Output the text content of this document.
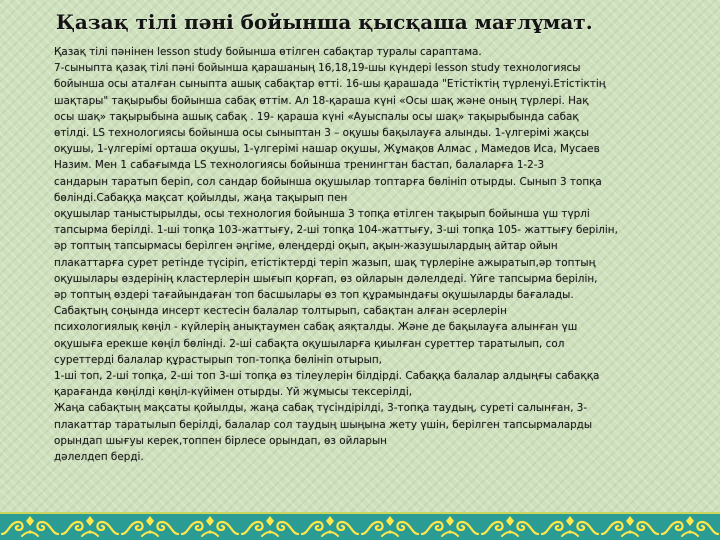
Қазақ тілі пәні бойынша қысқаша мағлұмат.
Қазақ тілі пәнінен lesson study бойынша өтілген сабақтар туралы сараптама.
7-сыныпта қазақ тілі пәні бойынша қарашаның 16,18,19-шы күндері lesson study технологиясы
бойынша осы аталған сыныпта ашық сабақтар өтті. 16-шы қарашада "Етістіктің түрленуі.Етістіктің
шақтары" тақырыбы бойынша сабақ өттім. Ал 18-қараша күні «Осы шақ және оның түрлері. Нақ
осы шақ» тақырыбына ашық сабақ . 19- қараша күні «Ауыспалы осы шақ» тақырыбында сабақ
өтілді. LS технологиясы бойынша осы сыныптан 3 – оқушы бақылауға алынды. 1-үлгерімі жақсы
оқушы, 1-үлгерімі орташа оқушы, 1-үлгерімі нашар оқушы, Жұмақов Алмас , Мамедов Иса, Мусаев
Назим. Мен 1 сабағымда LS технологиясы бойынша тренингтан бастап, балаларға 1-2-3
сандарын таратып беріп, сол сандар бойынша оқушылар топтарға бөлініп отырды. Сынып 3 топқа
бөлінді.Сабаққа мақсат қойылды, жаңа тақырып пен
оқушылар таныстырылды, осы технология бойынша 3 топқа өтілген тақырып бойынша үш түрлі
тапсырма берілді. 1-ші топқа 103-жаттығу, 2-ші топқа 104-жаттығу, 3-ші топқа 105- жаттығу берілін,
әр топтың тапсырмасы берілген әңгіме, өлеңдерді оқып, ақын-жазушылардың айтар ойын
плакаттарға сурет ретінде түсіріп, етістіктерді теріп жазып, шақ түрлеріне ажыратып,әр топтың
оқушылары өздерінің кластерлерін шығып қорғап, өз ойларын дәлелдеді. Үйге тапсырма берілін,
әр топтың өздері тағайындаған топ басшылары өз топ құрамындағы оқушыларды бағалады.
Сабақтың соңында инсерт кестесін балалар толтырып, сабақтан алған әсерлерін
психологиялық көңіл - күйлерің анықтаумен сабақ аяқталды. Және де бақылауға алынған үш
оқушыға ерекше көңіл бөлінді. 2-ші сабақта оқушыларға қиылған суреттер таратылып, сол
суреттерді балалар құрастырып топ-топқа бөлініп отырып,
1-ші топ, 2-ші топқа, 2-ші топ 3-ші топқа өз тілеулерін білдірді. Сабаққа балалар алдыңғы сабаққа
қарағанда көңілді көңіл-күйімен отырды. Үй жұмысы тексерілді,
Жаңа сабақтың мақсаты қойылды, жаңа сабақ түсіндірілді, 3-топқа таудың, суреті салынған, 3-
плакаттар таратылып берілді, балалар сол таудың шыңына жету үшін, берілген тапсырмаларды
орындап шығуы керек,топпен бірлесе орындап, өз ойларын
дәлелдеп берді.
